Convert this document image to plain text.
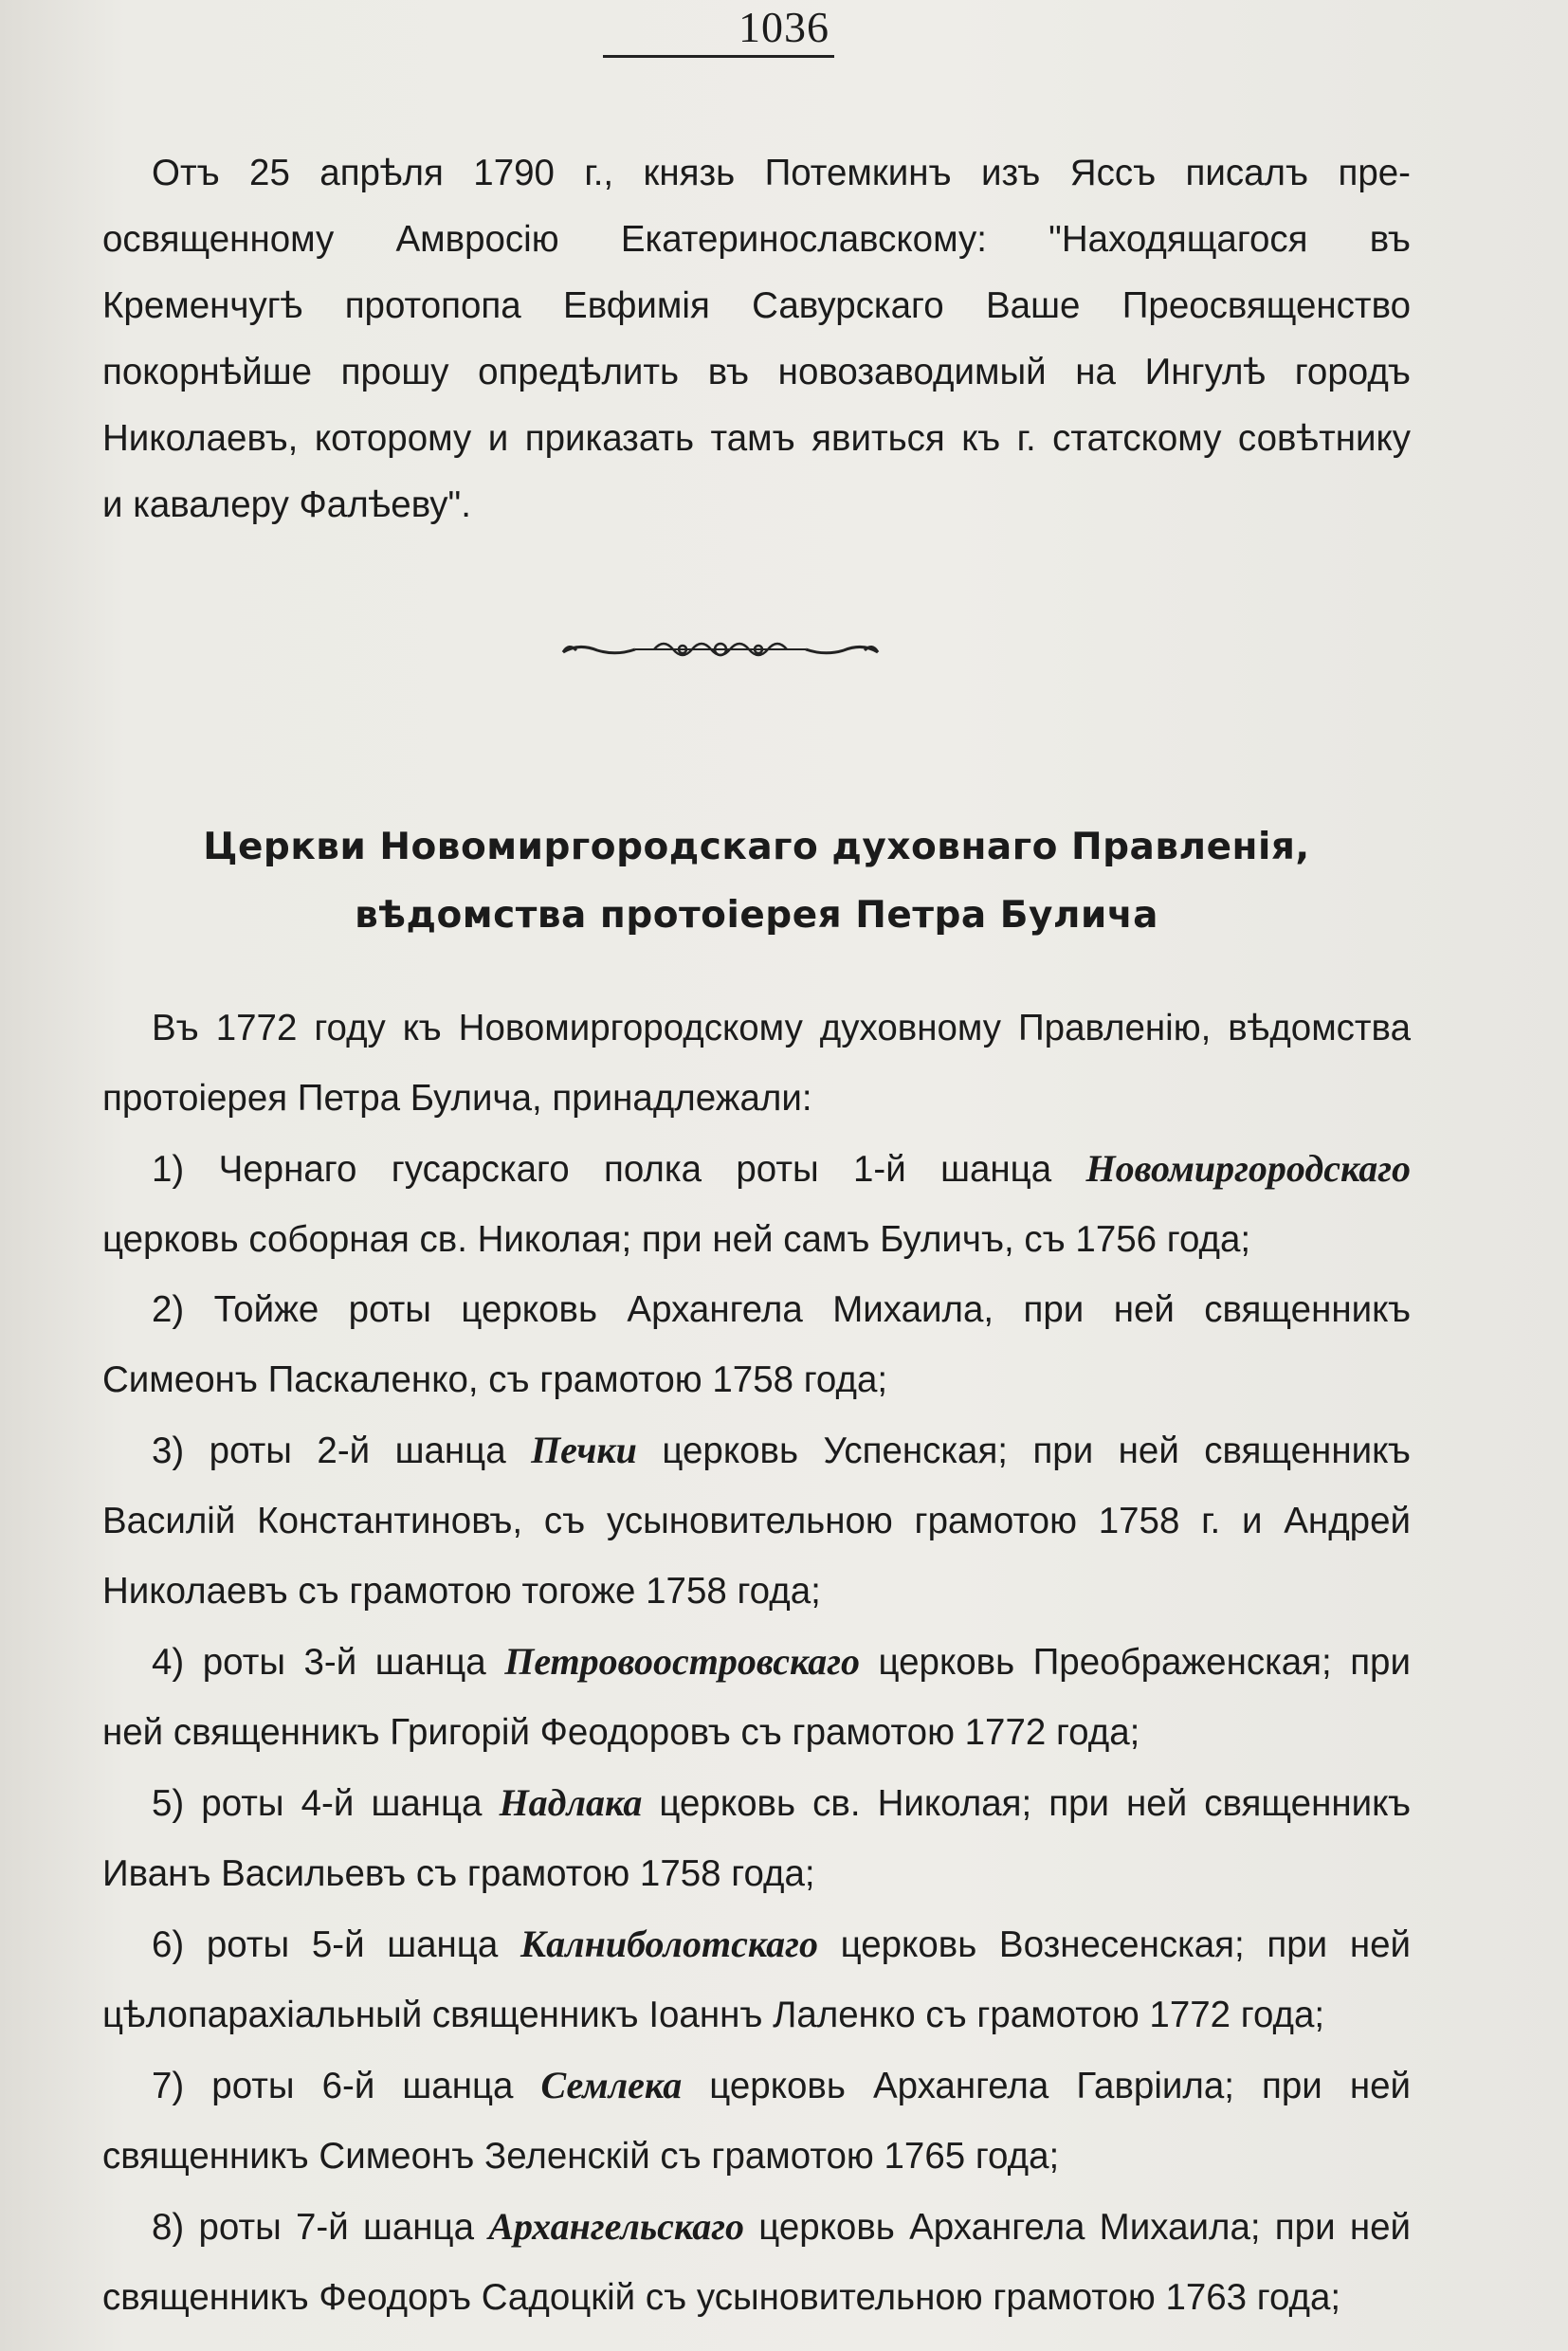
1036
Отъ 25 апрѣля 1790 г., князь Потемкинъ изъ Яссъ писалъ пре-
освященному Амвросію Екатеринославскому: "Находящагося въ
Кременчугѣ протопопа Евфимія Савурскаго Ваше Преосвященство
покорнѣйше прошу опредѣлить въ новозаводимый на Ингулѣ городъ
Николаевъ, которому и приказать тамъ явиться къ г. статскому совѣтнику
и кавалеру Фалѣеву".
Церкви Новомиргородскаго духовнаго Правленія,
вѣдомства протоіерея Петра Булича
Въ 1772 году къ Новомиргородскому духовному Правленію, вѣдомства
протоіерея Петра Булича, принадлежали:
1) Чернаго гусарскаго полка роты 1-й шанца Новомиргородскаго
церковь соборная св. Николая; при ней самъ Буличъ, съ 1756 года;
2) Тойже роты церковь Архангела Михаила, при ней священникъ
Симеонъ Паскаленко, съ грамотою 1758 года;
3) роты 2-й шанца Печки церковь Успенская; при ней священникъ
Василій Константиновъ, съ усыновительною грамотою 1758 г. и Андрей
Николаевъ съ грамотою тогоже 1758 года;
4) роты 3-й шанца Петровоостровскаго церковь Преображенская; при
ней священникъ Григорій Феодоровъ съ грамотою 1772 года;
5) роты 4-й шанца Надлака церковь св. Николая; при ней священникъ
Иванъ Васильевъ съ грамотою 1758 года;
6) роты 5-й шанца Калниболотскаго церковь Вознесенская; при ней
цѣлопарахіальный священникъ Іоаннъ Лаленко съ грамотою 1772 года;
7) роты 6-й шанца Семлека церковь Архангела Гавріила; при ней
священникъ Симеонъ Зеленскій съ грамотою 1765 года;
8) роты 7-й шанца Архангельскаго церковь Архангела Михаила; при ней
священникъ Феодоръ Садоцкій съ усыновительною грамотою 1763 года;
